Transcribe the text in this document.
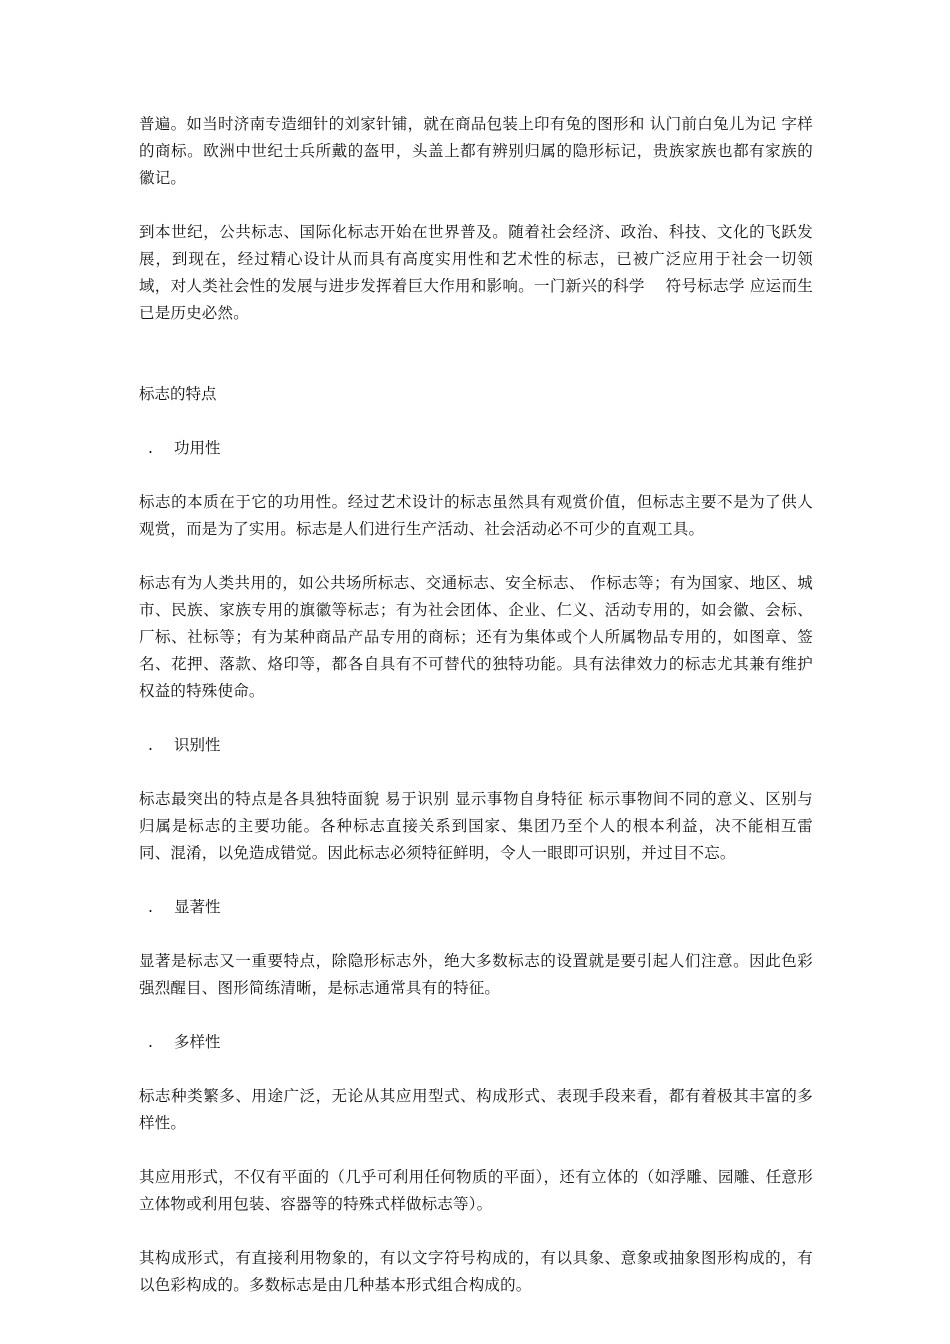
普遍。如当时济南专造细针的刘家针铺，就在商品包装上印有兔的图形和 认门前白兔儿为记 字样的商标。欧洲中世纪士兵所戴的盔甲，头盖上都有辨别归属的隐形标记，贵族家族也都有家族的徽记。

到本世纪，公共标志、国际化标志开始在世界普及。随着社会经济、政治、科技、文化的飞跃发展，到现在，经过精心设计从而具有高度实用性和艺术性的标志，已被广泛应用于社会一切领域，对人类社会性的发展与进步发挥着巨大作用和影响。一门新兴的科学　 符号标志学 应运而生已是历史必然。

标志的特点

.	功用性

标志的本质在于它的功用性。经过艺术设计的标志虽然具有观赏价值，但标志主要不是为了供人观赏，而是为了实用。标志是人们进行生产活动、社会活动必不可少的直观工具。

标志有为人类共用的，如公共场所标志、交通标志、安全标志、 作标志等；有为国家、地区、城市、民族、家族专用的旗徽等标志；有为社会团体、企业、仁义、活动专用的，如会徽、会标、厂标、社标等；有为某种商品产品专用的商标；还有为集体或个人所属物品专用的，如图章、签名、花押、落款、烙印等，都各自具有不可替代的独特功能。具有法律效力的标志尤其兼有维护权益的特殊使命。

.	识别性

标志最突出的特点是各具独特面貌 易于识别 显示事物自身特征 标示事物间不同的意义、区别与归属是标志的主要功能。各种标志直接关系到国家、集团乃至个人的根本利益，决不能相互雷同、混淆，以免造成错觉。因此标志必须特征鲜明，令人一眼即可识别，并过目不忘。

.	显著性

显著是标志又一重要特点，除隐形标志外，绝大多数标志的设置就是要引起人们注意。因此色彩强烈醒目、图形简练清晰，是标志通常具有的特征。

.	多样性

标志种类繁多、用途广泛，无论从其应用型式、构成形式、表现手段来看，都有着极其丰富的多样性。

其应用形式，不仅有平面的（几乎可利用任何物质的平面），还有立体的（如浮雕、园雕、任意形立体物或利用包装、容器等的特殊式样做标志等）。

其构成形式，有直接利用物象的，有以文字符号构成的，有以具象、意象或抽象图形构成的，有以色彩构成的。多数标志是由几种基本形式组合构成的。
